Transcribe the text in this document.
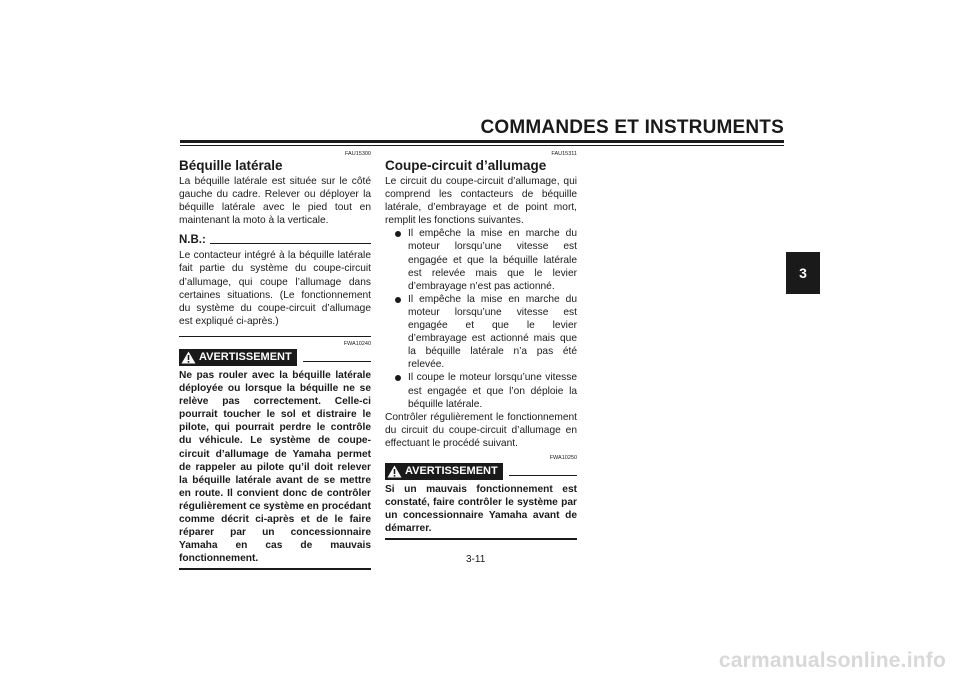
COMMANDES ET INSTRUMENTS
3
FAU15300
Béquille latérale

La béquille latérale est située sur le côté gauche du cadre. Relever ou déployer la béquille latérale avec le pied tout en maintenant la moto à la verticale.

N.B.:

Le contacteur intégré à la béquille latérale fait partie du système du coupe-circuit d’allumage, qui coupe l’allumage dans certaines situations. (Le fonctionnement du système du coupe-circuit d’allumage est expliqué ci-après.)

FWA10240
AVERTISSEMENT

Ne pas rouler avec la béquille latérale déployée ou lorsque la béquille ne se relève pas correctement. Celle-ci pourrait toucher le sol et distraire le pilote, qui pourrait perdre le contrôle du véhicule. Le système de coupe-circuit d’allumage de Yamaha permet de rappeler au pilote qu’il doit relever la béquille latérale avant de se mettre en route. Il convient donc de contrôler régulièrement ce système en procédant comme décrit ci-après et de le faire réparer par un concessionnaire Yamaha en cas de mauvais fonctionnement.

FAU15311
Coupe-circuit d’allumage

Le circuit du coupe-circuit d’allumage, qui comprend les contacteurs de béquille latérale, d’embrayage et de point mort, remplit les fonctions suivantes.

Il empêche la mise en marche du moteur lorsqu’une vitesse est engagée et que la béquille latérale est relevée mais que le levier d’embrayage n’est pas actionné.
Il empêche la mise en marche du moteur lorsqu’une vitesse est engagée et que le levier d’embrayage est actionné mais que la béquille latérale n’a pas été relevée.
Il coupe le moteur lorsqu’une vitesse est engagée et que l’on déploie la béquille latérale.

Contrôler régulièrement le fonctionnement du circuit du coupe-circuit d’allumage en effectuant le procédé suivant.

FWA10250
AVERTISSEMENT

Si un mauvais fonctionnement est constaté, faire contrôler le système par un concessionnaire Yamaha avant de démarrer.

3-11
carmanualsonline.info
